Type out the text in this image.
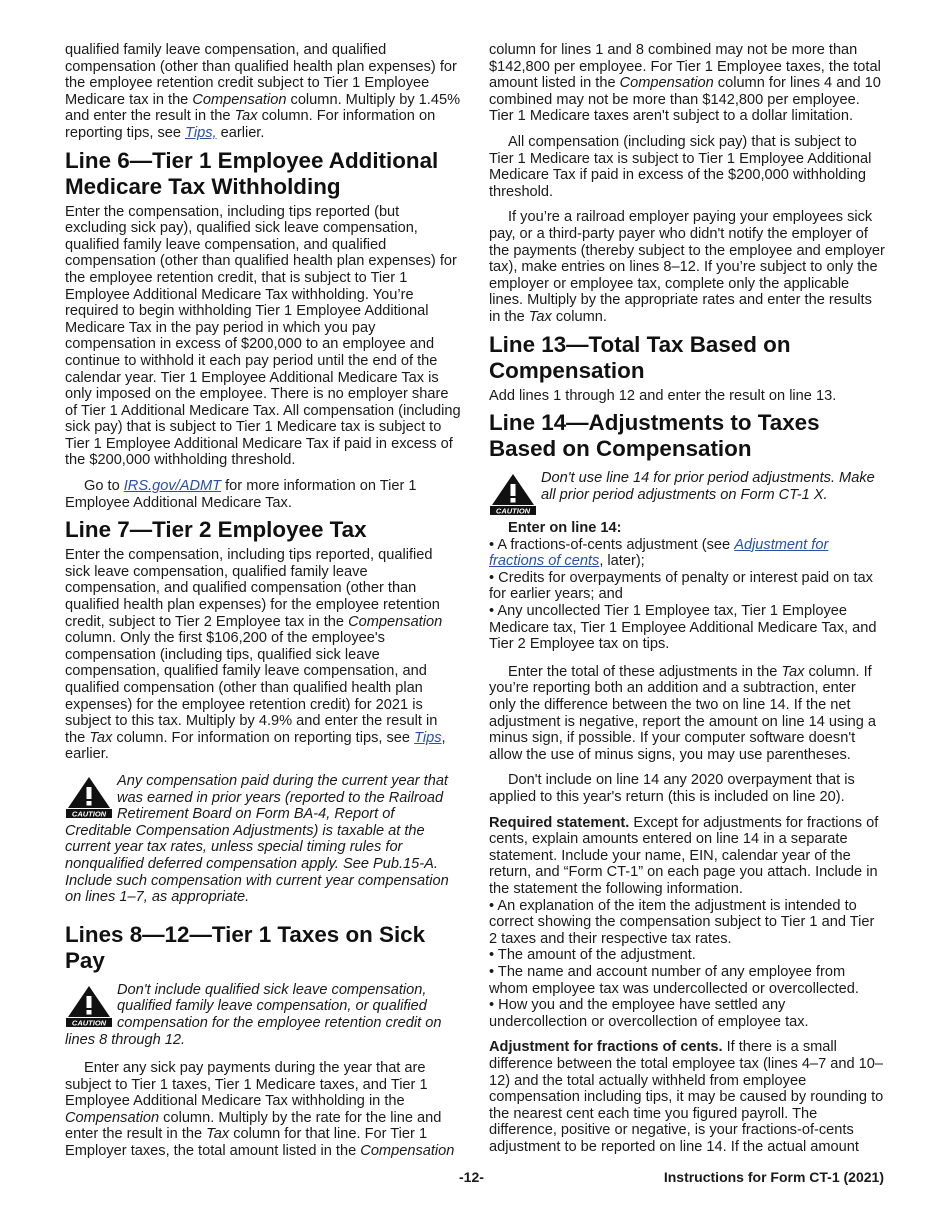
qualified family leave compensation, and qualified compensation (other than qualified health plan expenses) for the employee retention credit subject to Tier 1 Employee Medicare tax in the Compensation column. Multiply by 1.45% and enter the result in the Tax column. For information on reporting tips, see Tips, earlier.

Line 6—Tier 1 Employee Additional Medicare Tax Withholding

Enter the compensation, including tips reported (but excluding sick pay), qualified sick leave compensation, qualified family leave compensation, and qualified compensation (other than qualified health plan expenses) for the employee retention credit, that is subject to Tier 1 Employee Additional Medicare Tax withholding. You’re required to begin withholding Tier 1 Employee Additional Medicare Tax in the pay period in which you pay compensation in excess of $200,000 to an employee and continue to withhold it each pay period until the end of the calendar year. Tier 1 Employee Additional Medicare Tax is only imposed on the employee. There is no employer share of Tier 1 Additional Medicare Tax. All compensation (including sick pay) that is subject to Tier 1 Medicare tax is subject to Tier 1 Employee Additional Medicare Tax if paid in excess of the $200,000 withholding threshold.

Go to IRS.gov/ADMT for more information on Tier 1 Employee Additional Medicare Tax.

Line 7—Tier 2 Employee Tax

Enter the compensation, including tips reported, qualified sick leave compensation, qualified family leave compensation, and qualified compensation (other than qualified health plan expenses) for the employee retention credit, subject to Tier 2 Employee tax in the Compensation column. Only the first $106,200 of the employee's compensation (including tips, qualified sick leave compensation, qualified family leave compensation, and qualified compensation (other than qualified health plan expenses) for the employee retention credit) for 2021 is subject to this tax. Multiply by 4.9% and enter the result in the Tax column. For information on reporting tips, see Tips, earlier.

CAUTION
Any compensation paid during the current year that was earned in prior years (reported to the Railroad Retirement Board on Form BA-4, Report of Creditable Compensation Adjustments) is taxable at the current year tax rates, unless special timing rules for nonqualified deferred compensation apply. See Pub.15-A. Include such compensation with current year compensation on lines 1–7, as appropriate.
Lines 8—12—Tier 1 Taxes on Sick Pay
CAUTION
Don't include qualified sick leave compensation, qualified family leave compensation, or qualified compensation for the employee retention credit on lines 8 through 12.

Enter any sick pay payments during the year that are subject to Tier 1 taxes, Tier 1 Medicare taxes, and Tier 1 Employee Additional Medicare Tax withholding in the Compensation column. Multiply by the rate for the line and enter the result in the Tax column for that line. For Tier 1 Employer taxes, the total amount listed in the Compensation

column for lines 1 and 8 combined may not be more than $142,800 per employee. For Tier 1 Employee taxes, the total amount listed in the Compensation column for lines 4 and 10 combined may not be more than $142,800 per employee. Tier 1 Medicare taxes aren't subject to a dollar limitation.

All compensation (including sick pay) that is subject to Tier 1 Medicare tax is subject to Tier 1 Employee Additional Medicare Tax if paid in excess of the $200,000 withholding threshold.

If you’re a railroad employer paying your employees sick pay, or a third-party payer who didn't notify the employer of the payments (thereby subject to the employee and employer tax), make entries on lines 8–12. If you’re subject to only the employer or employee tax, complete only the applicable lines. Multiply by the appropriate rates and enter the results in the Tax column.

Line 13—Total Tax Based on Compensation

Add lines 1 through 12 and enter the result on line 13.

Line 14—Adjustments to Taxes Based on Compensation
CAUTION
Don't use line 14 for prior period adjustments. Make all prior period adjustments on Form CT-1 X.

Enter on line 14:

• A fractions-of-cents adjustment (see Adjustment for fractions of cents, later);

• Credits for overpayments of penalty or interest paid on tax for earlier years; and

• Any uncollected Tier 1 Employee tax, Tier 1 Employee Medicare tax, Tier 1 Employee Additional Medicare Tax, and Tier 2 Employee tax on tips.

Enter the total of these adjustments in the Tax column. If you’re reporting both an addition and a subtraction, enter only the difference between the two on line 14. If the net adjustment is negative, report the amount on line 14 using a minus sign, if possible. If your computer software doesn't allow the use of minus signs, you may use parentheses.

Don't include on line 14 any 2020 overpayment that is applied to this year's return (this is included on line 20).

Required statement. Except for adjustments for fractions of cents, explain amounts entered on line 14 in a separate statement. Include your name, EIN, calendar year of the return, and “Form CT-1” on each page you attach. Include in the statement the following information.

• An explanation of the item the adjustment is intended to correct showing the compensation subject to Tier 1 and Tier 2 taxes and their respective tax rates.

• The amount of the adjustment.

• The name and account number of any employee from whom employee tax was undercollected or overcollected.

• How you and the employee have settled any undercollection or overcollection of employee tax.

Adjustment for fractions of cents. If there is a small difference between the total employee tax (lines 4–7 and 10–12) and the total actually withheld from employee compensation including tips, it may be caused by rounding to the nearest cent each time you figured payroll. The difference, positive or negative, is your fractions-of-cents adjustment to be reported on line 14. If the actual amount

-12-	Instructions for Form CT-1 (2021)
